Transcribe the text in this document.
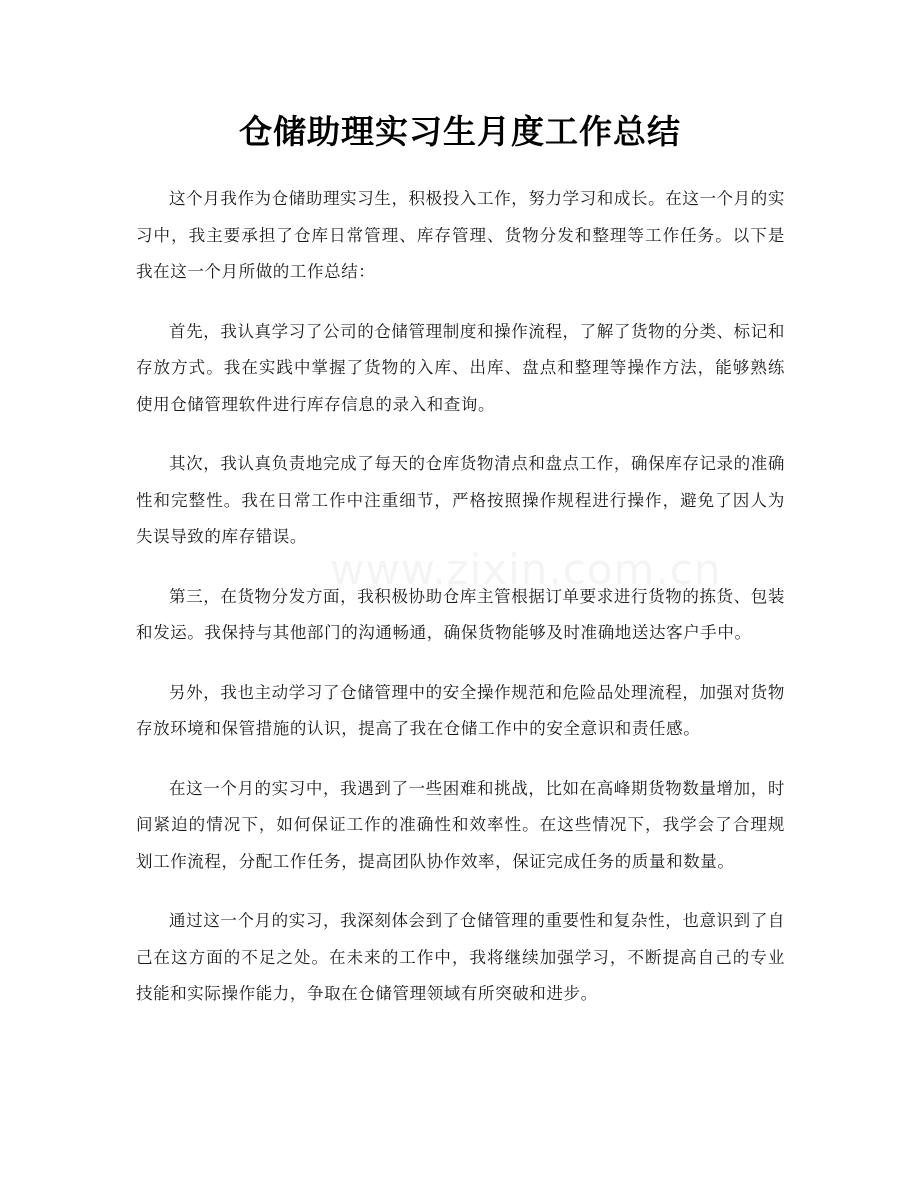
仓储助理实习生月度工作总结

这个月我作为仓储助理实习生，积极投入工作，努力学习和成长。在这一个月的实习中，我主要承担了仓库日常管理、库存管理、货物分发和整理等工作任务。以下是我在这一个月所做的工作总结：

首先，我认真学习了公司的仓储管理制度和操作流程，了解了货物的分类、标记和存放方式。我在实践中掌握了货物的入库、出库、盘点和整理等操作方法，能够熟练使用仓储管理软件进行库存信息的录入和查询。

其次，我认真负责地完成了每天的仓库货物清点和盘点工作，确保库存记录的准确性和完整性。我在日常工作中注重细节，严格按照操作规程进行操作，避免了因人为失误导致的库存错误。

第三，在货物分发方面，我积极协助仓库主管根据订单要求进行货物的拣货、包装和发运。我保持与其他部门的沟通畅通，确保货物能够及时准确地送达客户手中。

另外，我也主动学习了仓储管理中的安全操作规范和危险品处理流程，加强对货物存放环境和保管措施的认识，提高了我在仓储工作中的安全意识和责任感。

在这一个月的实习中，我遇到了一些困难和挑战，比如在高峰期货物数量增加，时间紧迫的情况下，如何保证工作的准确性和效率性。在这些情况下，我学会了合理规划工作流程，分配工作任务，提高团队协作效率，保证完成任务的质量和数量。

通过这一个月的实习，我深刻体会到了仓储管理的重要性和复杂性，也意识到了自己在这方面的不足之处。在未来的工作中，我将继续加强学习，不断提高自己的专业技能和实际操作能力，争取在仓储管理领域有所突破和进步。

www.zixin.com.cn
